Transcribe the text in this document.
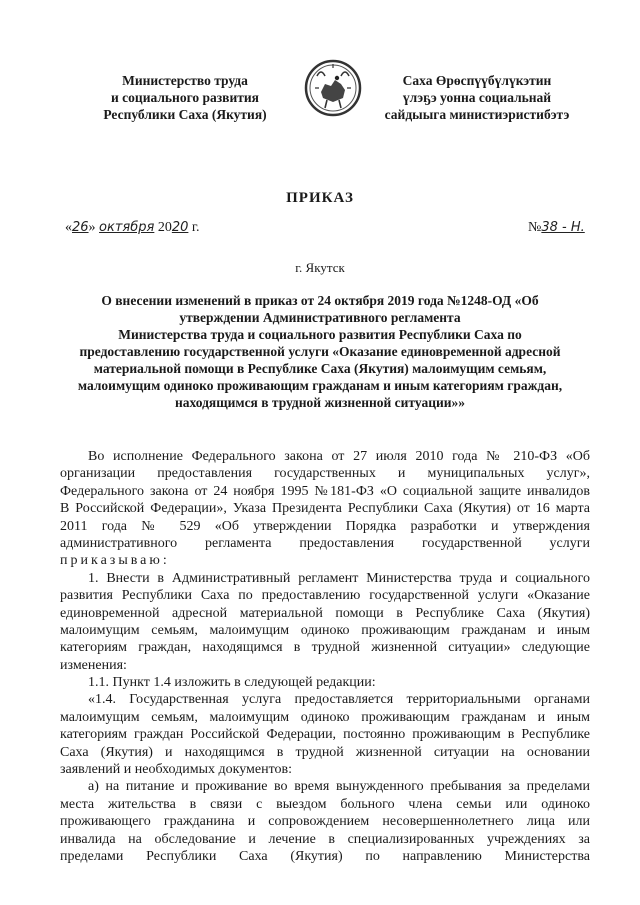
Министерство труда
и социального развития
Республики Саха (Якутия)
Саха Өрөспүүбүлүкэтин
үлэҕэ уонна социальнай
сайдыыга министиэристибэтэ
ПРИКАЗ
«26» октября 2020 г.	№38 - Н.
г. Якутск
О внесении изменений в приказ от 24 октября 2019 года №1248-ОД «Об
утверждении Административного регламента
Министерства труда и социального развития Республики Саха по
предоставлению государственной услуги «Оказание единовременной адресной
материальной помощи в Республике Саха (Якутия) малоимущим семьям,
малоимущим одиноко проживающим гражданам и иным категориям граждан,
находящимся в трудной жизненной ситуации»»
Во исполнение Федерального закона от 27 июля 2010 года № 210-ФЗ «Об
организации предоставления государственных и муниципальных услуг»,
Федерального закона от 24 ноября 1995 №181-ФЗ «О социальной защите инвалидов
В Российской Федерации», Указа Президента Республики Саха (Якутия) от 16 марта
2011 года № 529 «Об утверждении Порядка разработки и утверждения
административного регламента предоставления государственной услуги
приказываю:
1. Внести в Административный регламент Министерства труда и социального
развития Республики Саха по предоставлению государственной услуги «Оказание
единовременной адресной материальной помощи в Республике Саха (Якутия)
малоимущим семьям, малоимущим одиноко проживающим гражданам и иным
категориям граждан, находящимся в трудной жизненной ситуации» следующие
изменения:
1.1. Пункт 1.4 изложить в следующей редакции:
«1.4. Государственная услуга предоставляется территориальными органами
малоимущим семьям, малоимущим одиноко проживающим гражданам и иным
категориям граждан Российской Федерации, постоянно проживающим в Республике
Саха (Якутия) и находящимся в трудной жизненной ситуации на основании
заявлений и необходимых документов:
а) на питание и проживание во время вынужденного пребывания за пределами
места жительства в связи с выездом больного члена семьи или одиноко
проживающего гражданина и сопровождением несовершеннолетнего лица или
инвалида на обследование и лечение в специализированных учреждениях за
пределами Республики Саха (Якутия) по направлению Министерства
